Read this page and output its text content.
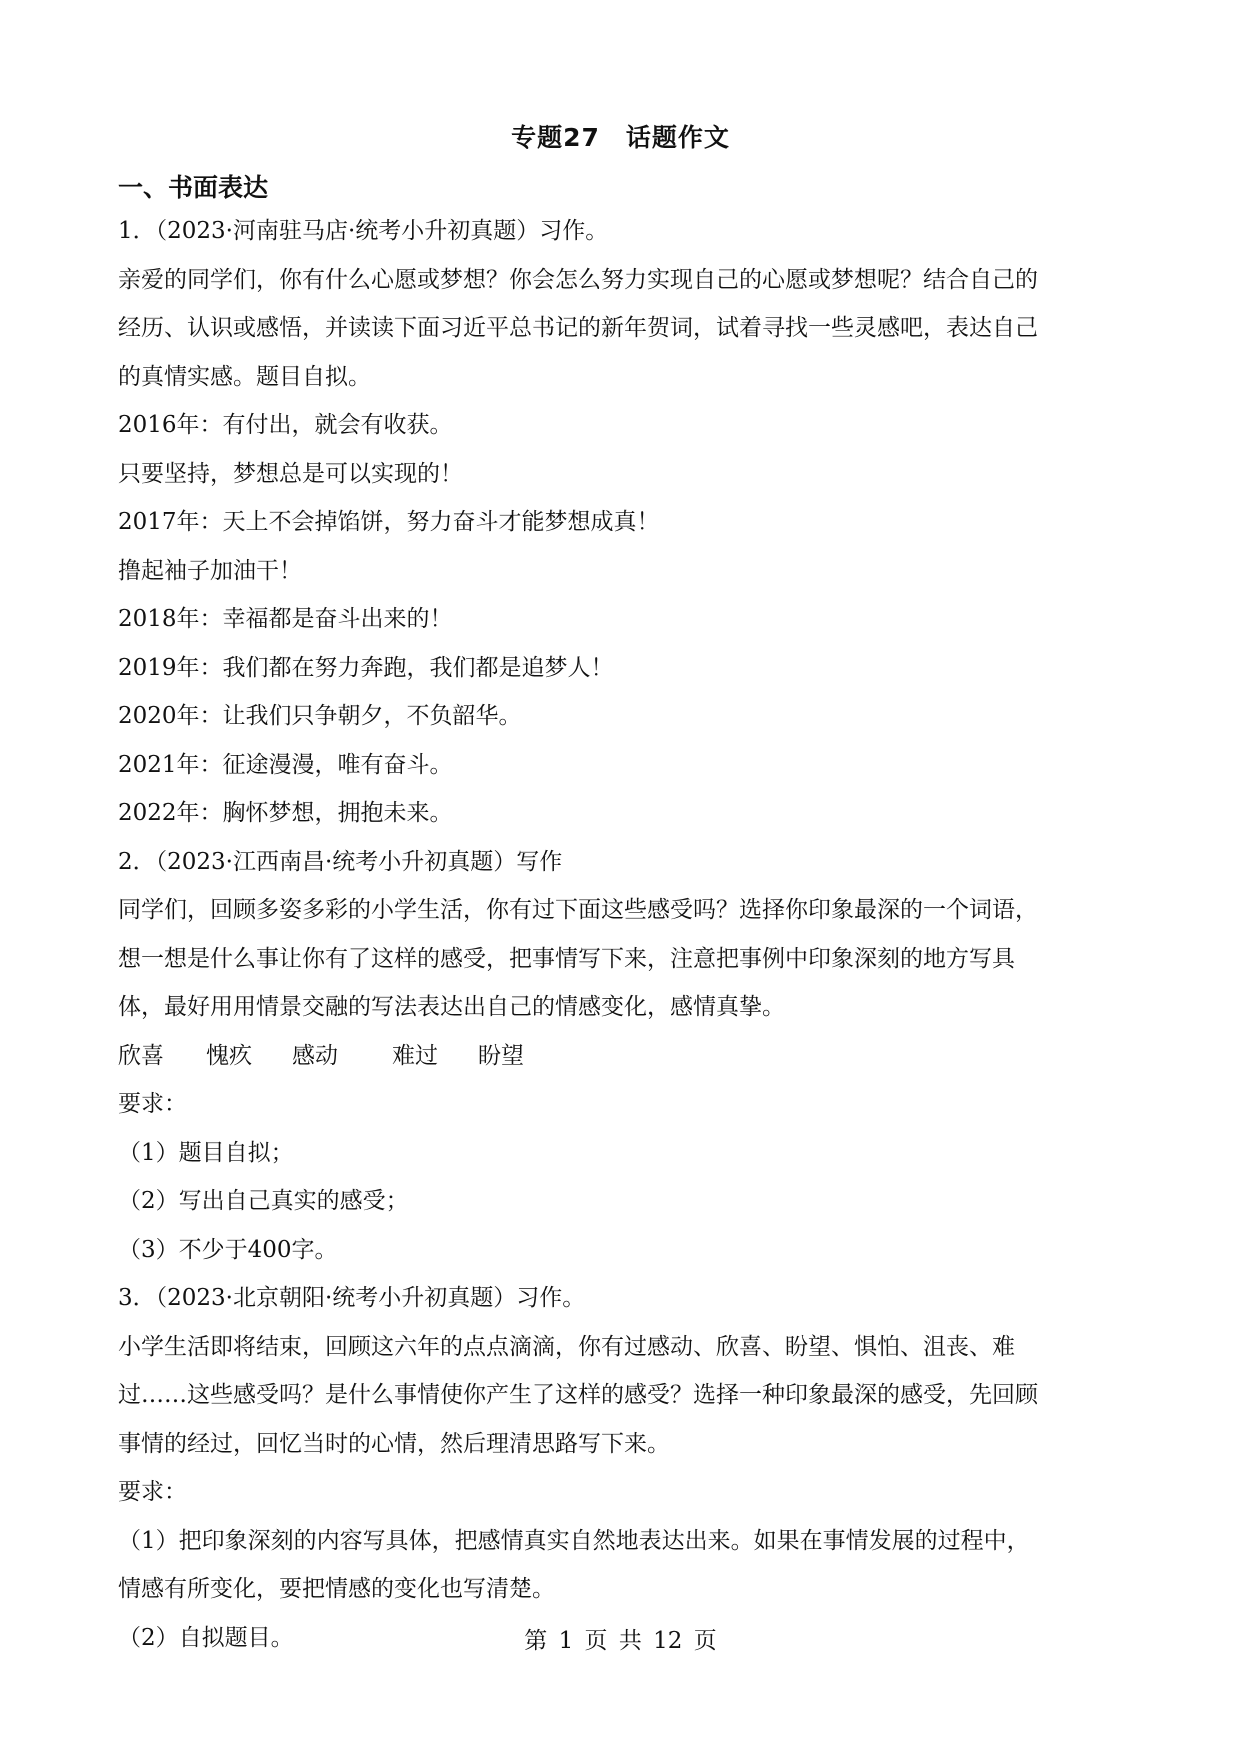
专题27　话题作文
一、书面表达
1．（2023·河南驻马店·统考小升初真题）习作。
亲爱的同学们，你有什么心愿或梦想？你会怎么努力实现自己的心愿或梦想呢？结合自己的
经历、认识或感悟，并读读下面习近平总书记的新年贺词，试着寻找一些灵感吧，表达自己
的真情实感。题目自拟。
2016年：有付出，就会有收获。
只要坚持，梦想总是可以实现的！
2017年：天上不会掉馅饼，努力奋斗才能梦想成真！
撸起袖子加油干！
2018年：幸福都是奋斗出来的！
2019年：我们都在努力奔跑，我们都是追梦人！
2020年：让我们只争朝夕，不负韶华。
2021年：征途漫漫，唯有奋斗。
2022年：胸怀梦想，拥抱未来。
2．（2023·江西南昌·统考小升初真题）写作
同学们，回顾多姿多彩的小学生活，你有过下面这些感受吗？选择你印象最深的一个词语，
想一想是什么事让你有了这样的感受，把事情写下来，注意把事例中印象深刻的地方写具
体，最好用用情景交融的写法表达出自己的情感变化，感情真挚。
欣喜	愧疚	感动	难过	盼望
要求：
（1）题目自拟；
（2）写出自己真实的感受；
（3）不少于400字。
3．（2023·北京朝阳·统考小升初真题）习作。
小学生活即将结束，回顾这六年的点点滴滴，你有过感动、欣喜、盼望、惧怕、沮丧、难
过……这些感受吗？是什么事情使你产生了这样的感受？选择一种印象最深的感受，先回顾
事情的经过，回忆当时的心情，然后理清思路写下来。
要求：
（1）把印象深刻的内容写具体，把感情真实自然地表达出来。如果在事情发展的过程中，
情感有所变化，要把情感的变化也写清楚。
（2）自拟题目。	第 1 页 共 12 页
